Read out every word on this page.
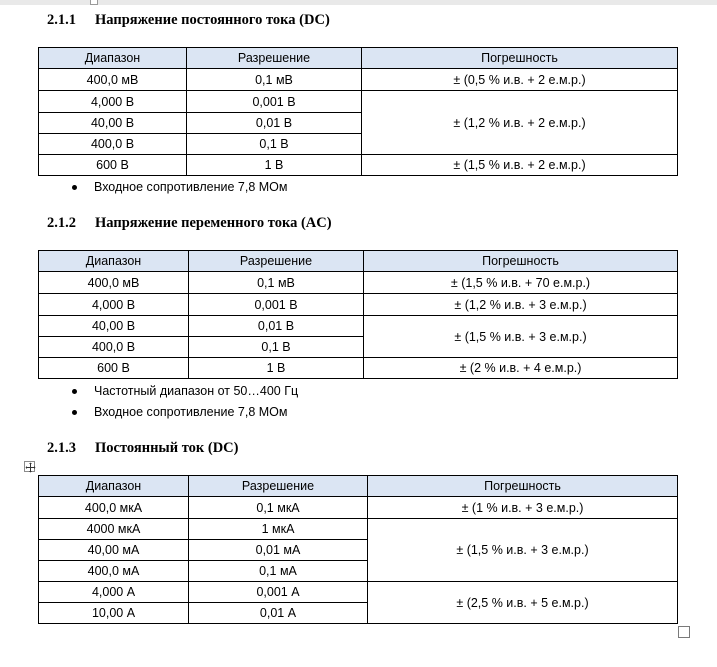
2.1.1 Напряжение постоянного тока (DC)
Диапазон	Разрешение	Погрешность
400,0 мВ	0,1 мВ	± (0,5 % и.в. + 2 е.м.р.)
4,000 В	0,001 В	± (1,2 % и.в. + 2 е.м.р.)
40,00 В	0,01 В	
400,0 В	0,1 В	
600 В	1 В	± (1,5 % и.в. + 2 е.м.р.)
Входное сопротивление 7,8 МОм
2.1.2 Напряжение переменного тока (AC)
Диапазон	Разрешение	Погрешность
400,0 мВ	0,1 мВ	± (1,5 % и.в. + 70 е.м.р.)
4,000 В	0,001 В	± (1,2 % и.в. + 3 е.м.р.)
40,00 В	0,01 В	± (1,5 % и.в. + 3 е.м.р.)
400,0 В	0,1 В	
600 В	1 В	± (2 % и.в. + 4 е.м.р.)
Частотный диапазон от 50…400 Гц
Входное сопротивление 7,8 МОм
2.1.3 Постоянный ток (DC)
Диапазон	Разрешение	Погрешность
400,0 мкА	0,1 мкА	± (1 % и.в. + 3 е.м.р.)
4000 мкА	1 мкА	± (1,5 % и.в. + 3 е.м.р.)
40,00 мА	0,01 мА	
400,0 мА	0,1 мА	
4,000 А	0,001 А	± (2,5 % и.в. + 5 е.м.р.)
10,00 А	0,01 А	
